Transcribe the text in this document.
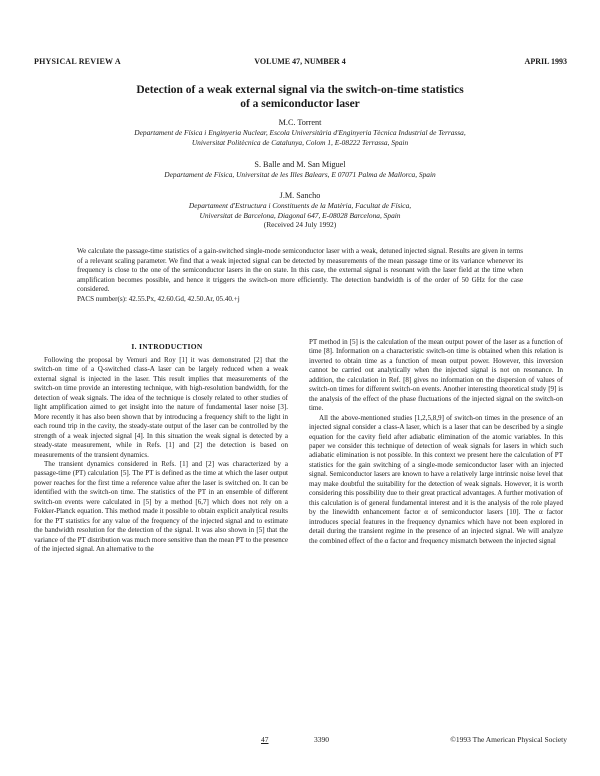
PHYSICAL REVIEW A	VOLUME 47, NUMBER 4	APRIL 1993
Detection of a weak external signal via the switch-on-time statistics
of a semiconductor laser
M.C. Torrent
Departament de Física i Enginyeria Nuclear, Escola Universitària d'Enginyeria Tècnica Industrial de Terrassa,
Universitat Politècnica de Catalunya, Colom 1, E-08222 Terrassa, Spain
S. Balle and M. San Miguel
Departament de Física, Universitat de les Illes Balears, E 07071 Palma de Mallorca, Spain
J.M. Sancho
Departament d'Estructura i Constituents de la Matèria, Facultat de Física,
Universitat de Barcelona, Diagonal 647, E-08028 Barcelona, Spain
(Received 24 July 1992)
We calculate the passage-time statistics of a gain-switched single-mode semiconductor laser with a weak, detuned injected signal. Results are given in terms of a relevant scaling parameter. We find that a weak injected signal can be detected by measurements of the mean passage time or its variance whenever its frequency is close to the one of the semiconductor lasers in the on state. In this case, the external signal is resonant with the laser field at the time when amplification becomes possible, and hence it triggers the switch-on more efficiently. The detection bandwidth is of the order of 50 GHz for the case considered.
PACS number(s): 42.55.Px, 42.60.Gd, 42.50.Ar, 05.40.+j
I. INTRODUCTION

Following the proposal by Vemuri and Roy [1] it was demonstrated [2] that the switch-on time of a Q-switched class-A laser can be largely reduced when a weak external signal is injected in the laser. This result implies that measurements of the switch-on time provide an interesting technique, with high-resolution bandwidth, for the detection of weak signals. The idea of the technique is closely related to other studies of light amplification aimed to get insight into the nature of fundamental laser noise [3]. More recently it has also been shown that by introducing a frequency shift to the light in each round trip in the cavity, the steady-state output of the laser can be controlled by the strength of a weak injected signal [4]. In this situation the weak signal is detected by a steady-state measurement, while in Refs. [1] and [2] the detection is based on measurements of the transient dynamics.

The transient dynamics considered in Refs. [1] and [2] was characterized by a passage-time (PT) calculation [5]. The PT is defined as the time at which the laser output power reaches for the first time a reference value after the laser is switched on. It can be identified with the switch-on time. The statistics of the PT in an ensemble of different switch-on events were calculated in [5] by a method [6,7] which does not rely on a Fokker-Planck equation. This method made it possible to obtain explicit analytical results for the PT statistics for any value of the frequency of the injected signal and to estimate the bandwidth resolution for the detection of the signal. It was also shown in [5] that the variance of the PT distribution was much more sensitive than the mean PT to the presence of the injected signal. An alternative to the

PT method in [5] is the calculation of the mean output power of the laser as a function of time [8]. Information on a characteristic switch-on time is obtained when this relation is inverted to obtain time as a function of mean output power. However, this inversion cannot be carried out analytically when the injected signal is not on resonance. In addition, the calculation in Ref. [8] gives no information on the dispersion of values of switch-on times for different switch-on events. Another interesting theoretical study [9] is the analysis of the effect of the phase fluctuations of the injected signal on the switch-on time.

All the above-mentioned studies [1,2,5,8,9] of switch-on times in the presence of an injected signal consider a class-A laser, which is a laser that can be described by a single equation for the cavity field after adiabatic elimination of the atomic variables. In this paper we consider this technique of detection of weak signals for lasers in which such adiabatic elimination is not possible. In this context we present here the calculation of PT statistics for the gain switching of a single-mode semiconductor laser with an injected signal. Semiconductor lasers are known to have a relatively large intrinsic noise level that may make doubtful the suitability for the detection of weak signals. However, it is worth considering this possibility due to their great practical advantages. A further motivation of this calculation is of general fundamental interest and it is the analysis of the role played by the linewidth enhancement factor α of semiconductor lasers [10]. The α factor introduces special features in the frequency dynamics which have not been explored in detail during the transient regime in the presence of an injected signal. We will analyze the combined effect of the α factor and frequency mismatch between the injected signal

47	3390	©1993 The American Physical Society
